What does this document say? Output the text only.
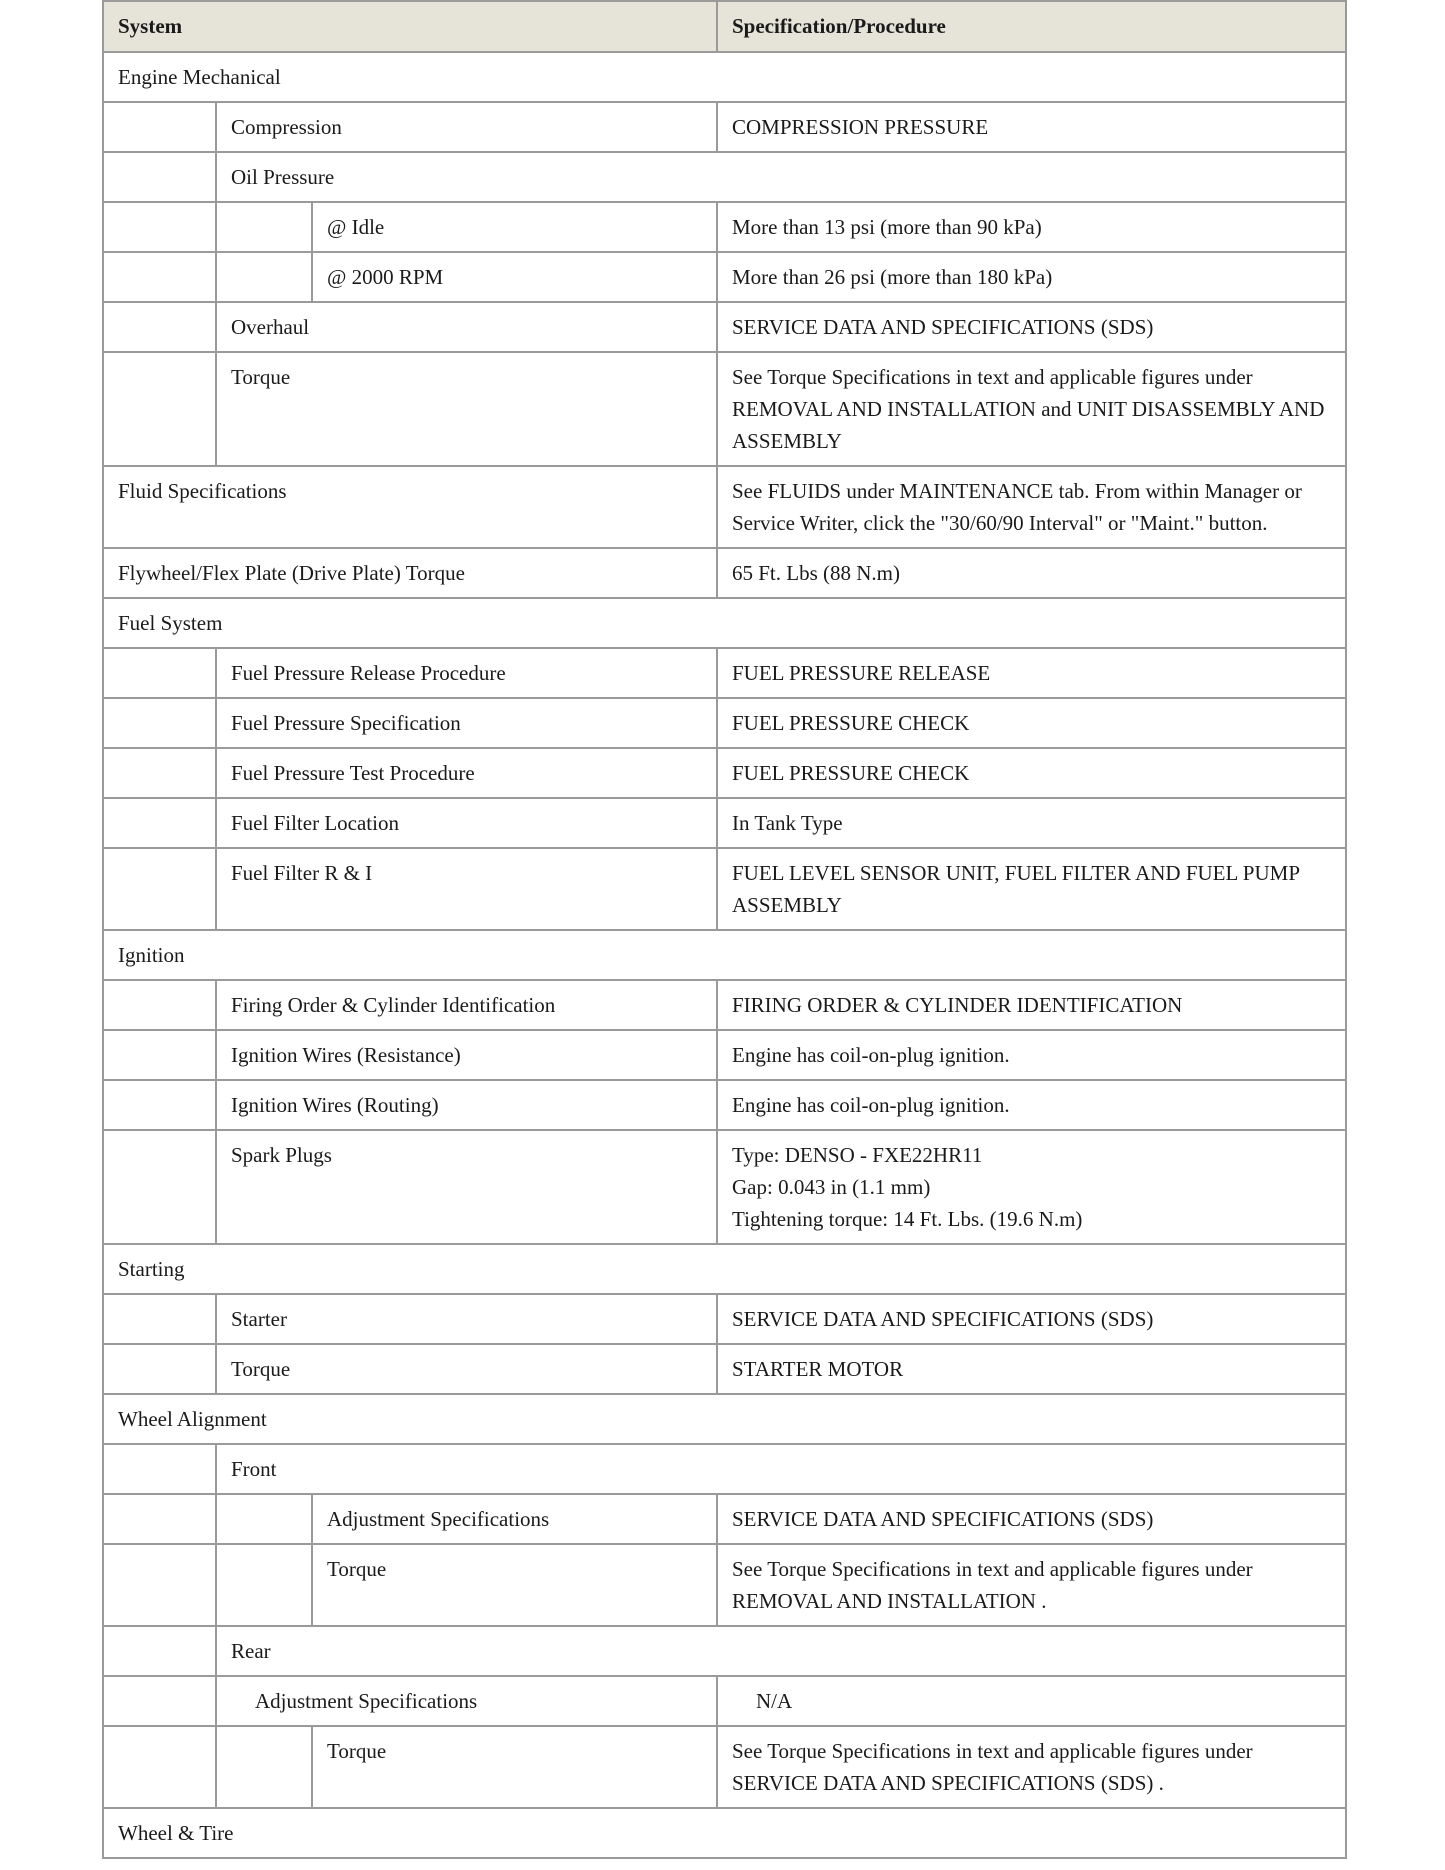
System			Specification/Procedure
Engine Mechanical			
	Compression		COMPRESSION PRESSURE
	Oil Pressure		
		@ Idle	More than 13 psi (more than 90 kPa)
		@ 2000 RPM	More than 26 psi (more than 180 kPa)
	Overhaul		SERVICE DATA AND SPECIFICATIONS (SDS)
	Torque		See Torque Specifications in text and applicable figures under REMOVAL AND INSTALLATION and UNIT DISASSEMBLY AND ASSEMBLY
Fluid Specifications			See FLUIDS under MAINTENANCE tab. From within Manager or Service Writer, click the "30/60/90 Interval" or "Maint." button.
Flywheel/Flex Plate (Drive Plate) Torque			65 Ft. Lbs (88 N.m)
Fuel System			
	Fuel Pressure Release Procedure		FUEL PRESSURE RELEASE
	Fuel Pressure Specification		FUEL PRESSURE CHECK
	Fuel Pressure Test Procedure		FUEL PRESSURE CHECK
	Fuel Filter Location		In Tank Type
	Fuel Filter R & I		FUEL LEVEL SENSOR UNIT, FUEL FILTER AND FUEL PUMP ASSEMBLY
Ignition			
	Firing Order & Cylinder Identification		FIRING ORDER & CYLINDER IDENTIFICATION
	Ignition Wires (Resistance)		Engine has coil-on-plug ignition.
	Ignition Wires (Routing)		Engine has coil-on-plug ignition.
	Spark Plugs		Type: DENSO - FXE22HR11
Gap: 0.043 in (1.1 mm)
Tightening torque: 14 Ft. Lbs. (19.6 N.m)

Starting			
	Starter		SERVICE DATA AND SPECIFICATIONS (SDS)
	Torque		STARTER MOTOR
Wheel Alignment			
	Front		
		Adjustment Specifications	SERVICE DATA AND SPECIFICATIONS (SDS)
		Torque	See Torque Specifications in text and applicable figures under REMOVAL AND INSTALLATION .
	Rear		
	Adjustment Specifications		N/A
		Torque	See Torque Specifications in text and applicable figures under SERVICE DATA AND SPECIFICATIONS (SDS) .
Wheel & Tire			
